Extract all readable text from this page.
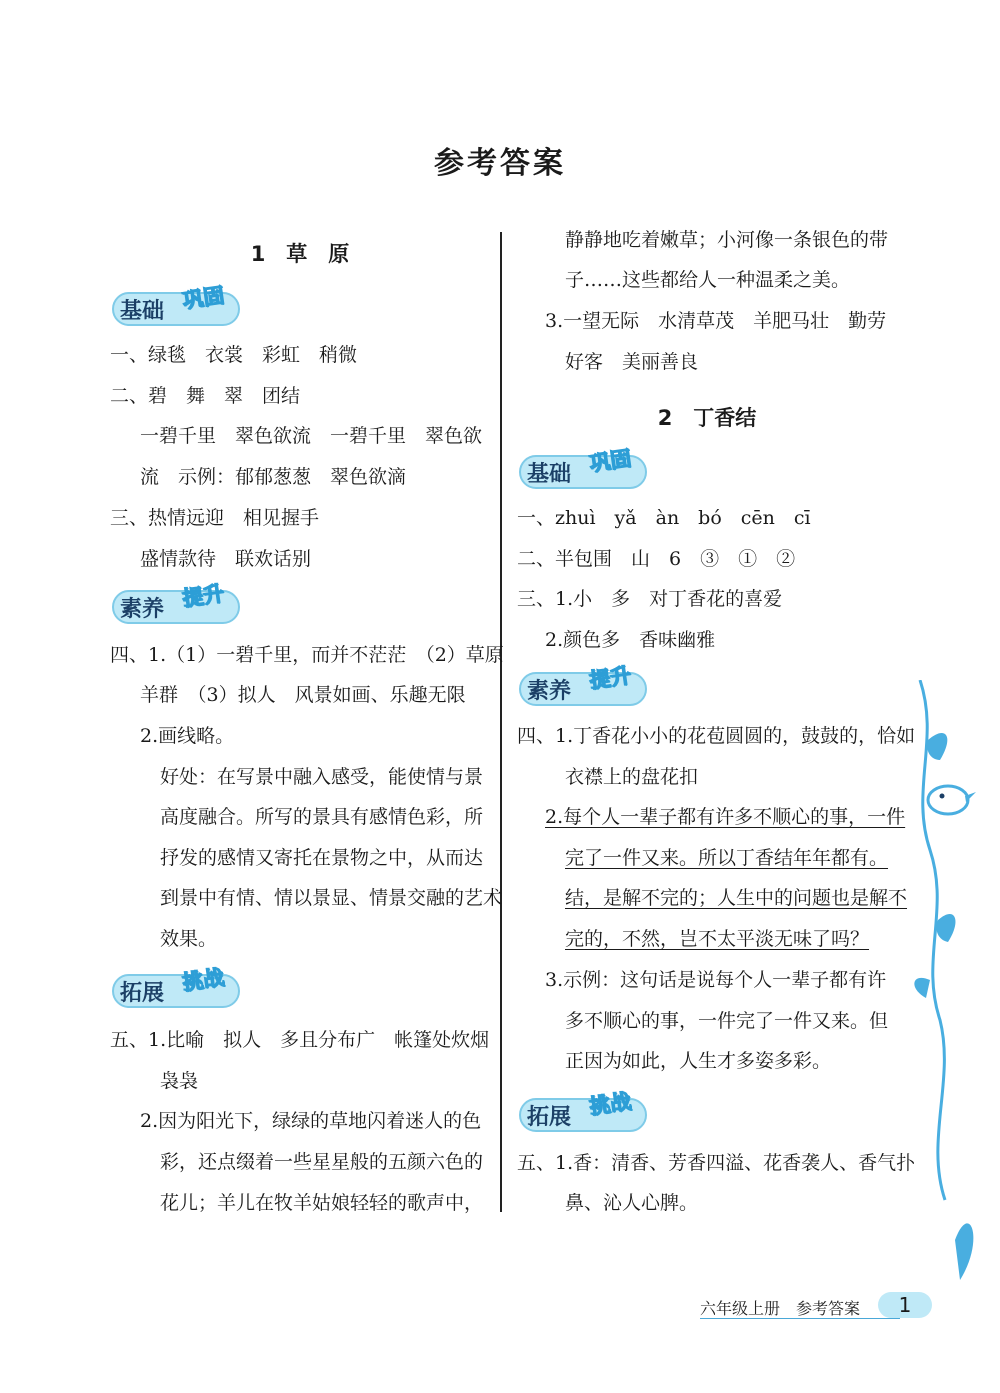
参考答案
1　草　原
基础 巩固
一、绿毯　衣裳　彩虹　稍微
二、碧　舞　翠　团结
一碧千里　翠色欲流　一碧千里　翠色欲
流　示例：郁郁葱葱　翠色欲滴
三、热情远迎　相见握手
盛情款待　联欢话别
素养 提升
四、1.（1）一碧千里，而并不茫茫　（2）草原
羊群　（3）拟人　风景如画、乐趣无限
2.画线略。
好处：在写景中融入感受，能使情与景
高度融合。所写的景具有感情色彩，所
抒发的感情又寄托在景物之中，从而达
到景中有情、情以景显、情景交融的艺术
效果。
拓展 挑战
五、1.比喻　拟人　多且分布广　帐篷处炊烟
袅袅
2.因为阳光下，绿绿的草地闪着迷人的色
彩，还点缀着一些星星般的五颜六色的
花儿；羊儿在牧羊姑娘轻轻的歌声中，
静静地吃着嫩草；小河像一条银色的带
子……这些都给人一种温柔之美。
3.一望无际　水清草茂　羊肥马壮　勤劳
好客　美丽善良
2　丁香结
基础 巩固
一、zhuì　yǎ　àn　bó　cēn　cī
二、半包围　山　6　③　①　②
三、1.小　多　对丁香花的喜爱
2.颜色多　香味幽雅
素养 提升
四、1.丁香花小小的花苞圆圆的，鼓鼓的，恰如
衣襟上的盘花扣
2.每个人一辈子都有许多不顺心的事，一件
完了一件又来。所以丁香结年年都有。
结，是解不完的；人生中的问题也是解不
完的，不然，岂不太平淡无味了吗？
3.示例：这句话是说每个人一辈子都有许
多不顺心的事，一件完了一件又来。但
正因为如此，人生才多姿多彩。
拓展 挑战
五、1.香：清香、芳香四溢、花香袭人、香气扑
鼻、沁人心脾。
六年级上册　参考答案	1
